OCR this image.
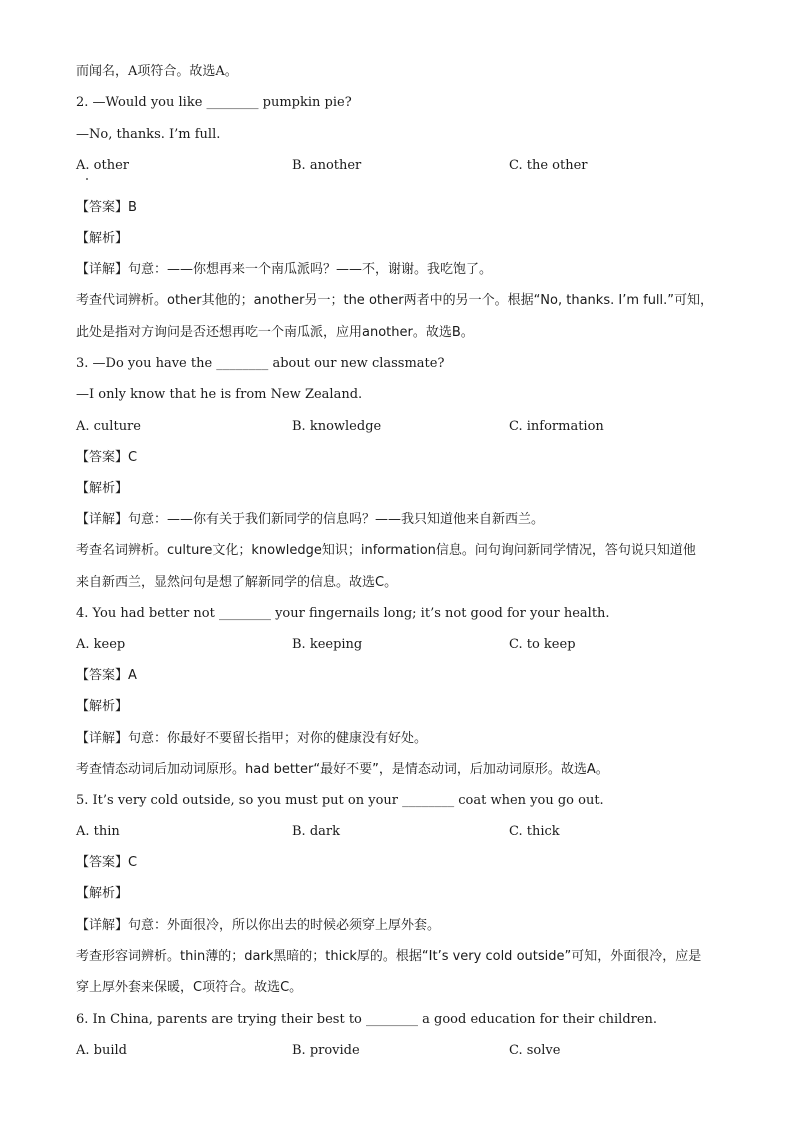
而闻名，A项符合。故选A。
2. —Would you like ________ pumpkin pie?
—No, thanks. I’m full.
A. other	B. another	C. the other
【答案】B
【解析】
【详解】句意：——你想再来一个南瓜派吗？——不，谢谢。我吃饱了。
考查代词辨析。other其他的；another另一；the other两者中的另一个。根据“No, thanks. I’m full.”可知，
此处是指对方询问是否还想再吃一个南瓜派，应用another。故选B。
3. —Do you have the ________ about our new classmate?
—I only know that he is from New Zealand.
A. culture	B. knowledge	C. information
【答案】C
【解析】
【详解】句意：——你有关于我们新同学的信息吗？——我只知道他来自新西兰。
考查名词辨析。culture文化；knowledge知识；information信息。问句询问新同学情况，答句说只知道他
来自新西兰，显然问句是想了解新同学的信息。故选C。
4. You had better not ________ your fingernails long; it’s not good for your health.
A. keep	B. keeping	C. to keep
【答案】A
【解析】
【详解】句意：你最好不要留长指甲；对你的健康没有好处。
考查情态动词后加动词原形。had better“最好不要”，是情态动词，后加动词原形。故选A。
5. It’s very cold outside, so you must put on your ________ coat when you go out.
A. thin	B. dark	C. thick
【答案】C
【解析】
【详解】句意：外面很冷，所以你出去的时候必须穿上厚外套。
考查形容词辨析。thin薄的；dark黑暗的；thick厚的。根据“It’s very cold outside”可知，外面很冷，应是
穿上厚外套来保暖，C项符合。故选C。
6. In China, parents are trying their best to ________ a good education for their children.
A. build	B. provide	C. solve
